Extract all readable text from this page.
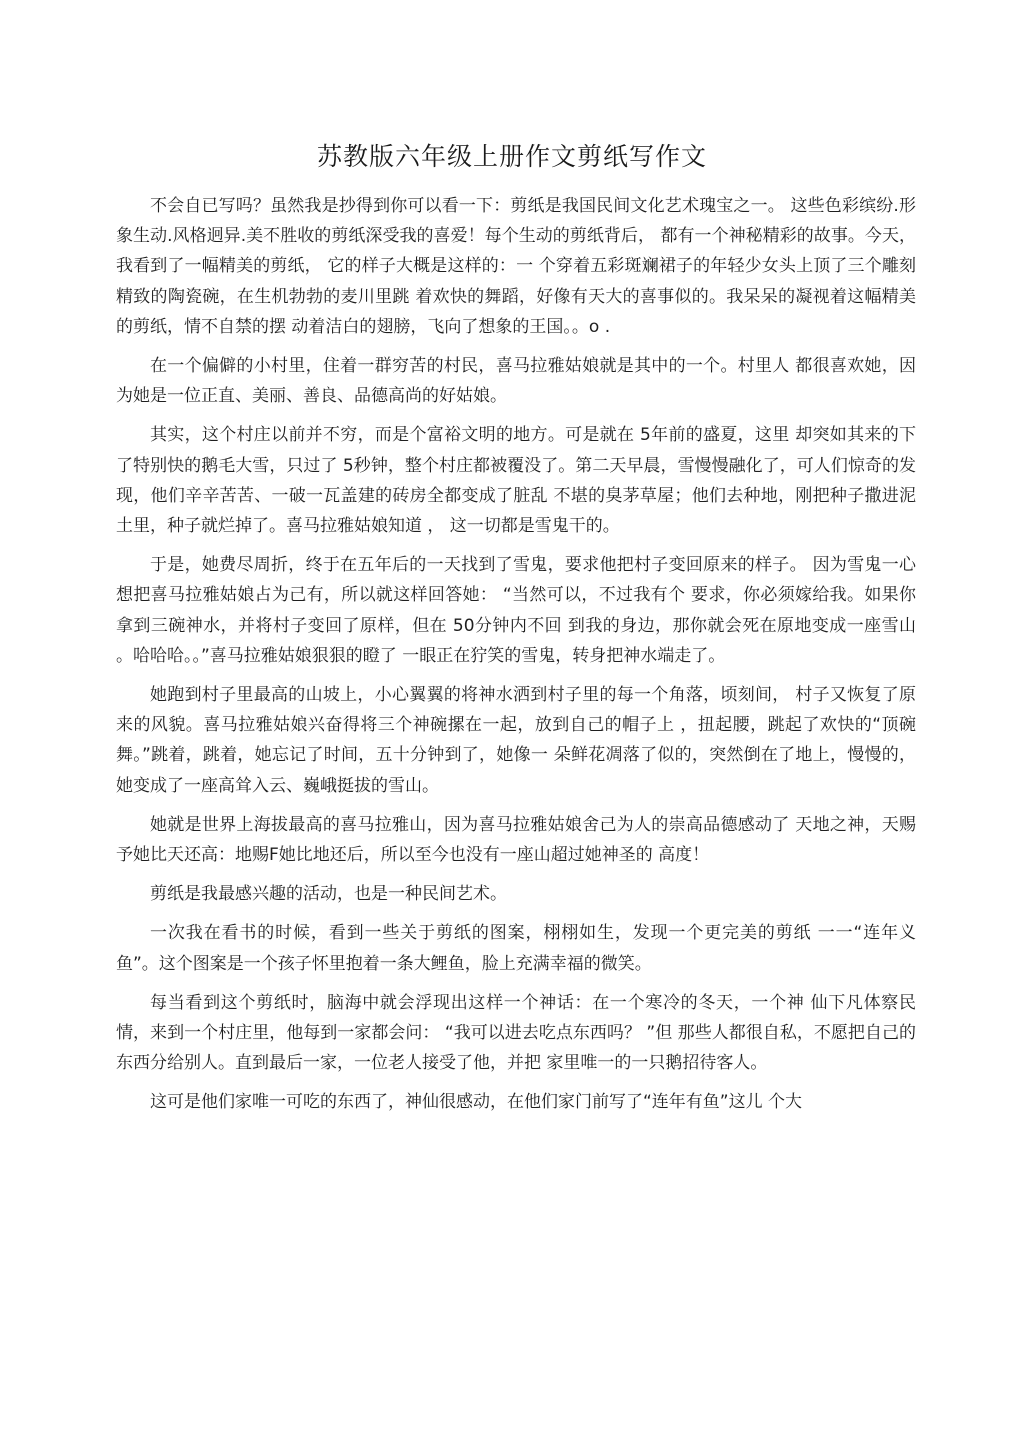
苏教版六年级上册作文剪纸写作文

不会自已写吗？虽然我是抄得到你可以看一下：剪纸是我国民间文化艺术瑰宝之一。 这些色彩缤纷.形象生动.风格迥异.美不胜收的剪纸深受我的喜爱！每个生动的剪纸背后， 都有一个神秘精彩的故事。今天，我看到了一幅精美的剪纸， 它的样子大概是这样的：一 个穿着五彩斑斓裙子的年轻少女头上顶了三个雕刻精致的陶瓷碗，在生机勃勃的麦川里跳 着欢快的舞蹈，好像有天大的喜事似的。我呆呆的凝视着这幅精美的剪纸，情不自禁的摆 动着洁白的翅膀，飞向了想象的王国。。o .

在一个偏僻的小村里，住着一群穷苦的村民，喜马拉雅姑娘就是其中的一个。村里人 都很喜欢她，因为她是一位正直、美丽、善良、品德高尚的好姑娘。

其实，这个村庄以前并不穷，而是个富裕文明的地方。可是就在 5年前的盛夏，这里 却突如其来的下了特别快的鹅毛大雪，只过了 5秒钟，整个村庄都被覆没了。第二天早晨，雪慢慢融化了，可人们惊奇的发现，他们辛辛苦苦、一破一瓦盖建的砖房全都变成了脏乱 不堪的臭茅草屋；他们去种地，刚把种子撒进泥土里，种子就烂掉了。喜马拉雅姑娘知道 ， 这一切都是雪鬼干的。

于是，她费尽周折，终于在五年后的一天找到了雪鬼，要求他把村子变回原来的样子。 因为雪鬼一心想把喜马拉雅姑娘占为己有，所以就这样回答她： “当然可以，不过我有个 要求，你必须嫁给我。如果你拿到三碗神水，并将村子变回了原样，但在 50分钟内不回 到我的身边，那你就会死在原地变成一座雪山 。哈哈哈。。”喜马拉雅姑娘狠狠的瞪了 一眼正在狞笑的雪鬼，转身把神水端走了。

她跑到村子里最高的山坡上，小心翼翼的将神水洒到村子里的每一个角落，顷刻间， 村子又恢复了原来的风貌。喜马拉雅姑娘兴奋得将三个神碗摞在一起，放到自己的帽子上 ，扭起腰，跳起了欢快的“顶碗舞。”跳着，跳着，她忘记了时间，五十分钟到了，她像一 朵鲜花凋落了似的，突然倒在了地上，慢慢的，她变成了一座高耸入云、巍峨挺拔的雪山。

她就是世界上海拔最高的喜马拉雅山，因为喜马拉雅姑娘舍己为人的崇高品德感动了 天地之神，天赐予她比天还高：地赐F她比地还后，所以至今也没有一座山超过她神圣的 高度！

剪纸是我最感兴趣的活动，也是一种民间艺术。

一次我在看书的时候，看到一些关于剪纸的图案，栩栩如生，发现一个更完美的剪纸 一一“连年义鱼”。这个图案是一个孩子怀里抱着一条大鲤鱼，脸上充满幸福的微笑。

每当看到这个剪纸时，脑海中就会浮现出这样一个神话：在一个寒冷的冬天，一个神 仙下凡体察民情，来到一个村庄里，他每到一家都会问： “我可以进去吃点东西吗？ ”但 那些人都很自私，不愿把自己的东西分给别人。直到最后一家，一位老人接受了他，并把 家里唯一的一只鹅招待客人。

这可是他们家唯一可吃的东西了，神仙很感动，在他们家门前写了“连年有鱼”这儿 个大
